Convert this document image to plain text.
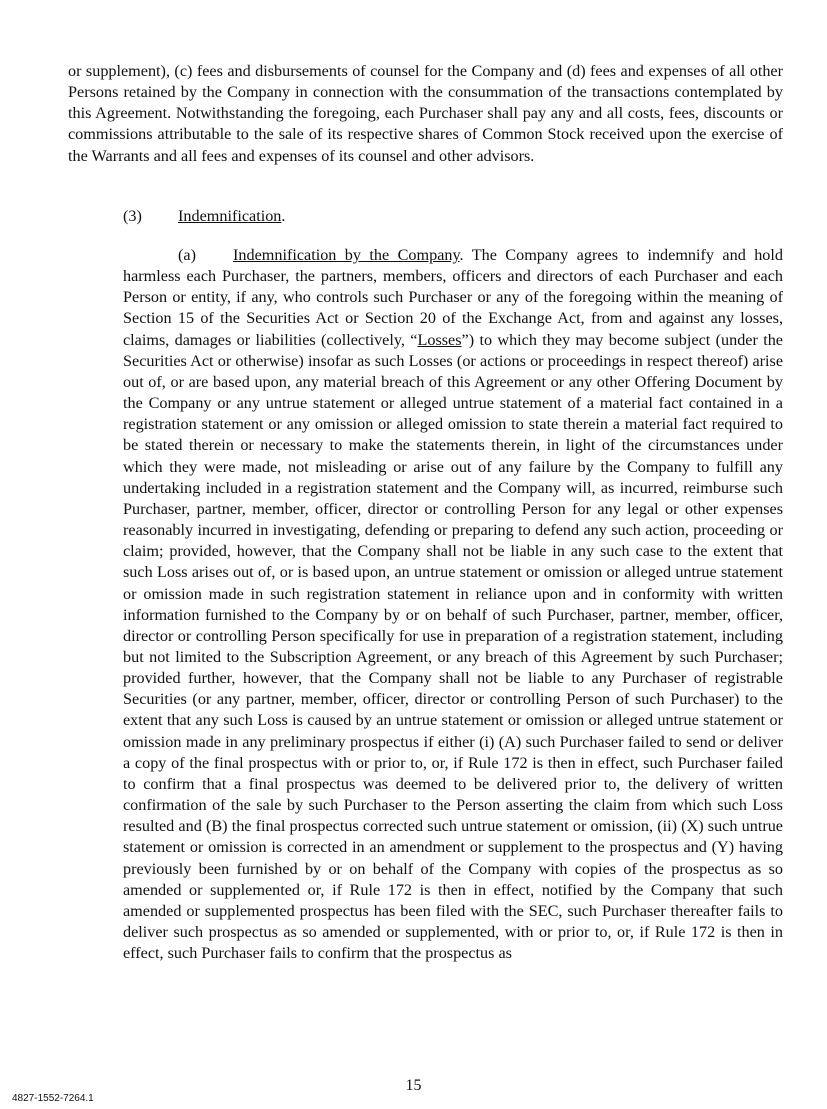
or supplement), (c) fees and disbursements of counsel for the Company and (d) fees and expenses of all other Persons retained by the Company in connection with the consummation of the transactions contemplated by this Agreement. Notwithstanding the foregoing, each Purchaser shall pay any and all costs, fees, discounts or commissions attributable to the sale of its respective shares of Common Stock received upon the exercise of the Warrants and all fees and expenses of its counsel and other advisors.

(3) Indemnification.

(a) Indemnification by the Company. The Company agrees to indemnify and hold harmless each Purchaser, the partners, members, officers and directors of each Purchaser and each Person or entity, if any, who controls such Purchaser or any of the foregoing within the meaning of Section 15 of the Securities Act or Section 20 of the Exchange Act, from and against any losses, claims, damages or liabilities (collectively, “Losses”) to which they may become subject (under the Securities Act or otherwise) insofar as such Losses (or actions or proceedings in respect thereof) arise out of, or are based upon, any material breach of this Agreement or any other Offering Document by the Company or any untrue statement or alleged untrue statement of a material fact contained in a registration statement or any omission or alleged omission to state therein a material fact required to be stated therein or necessary to make the statements therein, in light of the circumstances under which they were made, not misleading or arise out of any failure by the Company to fulfill any undertaking included in a registration statement and the Company will, as incurred, reimburse such Purchaser, partner, member, officer, director or controlling Person for any legal or other expenses reasonably incurred in investigating, defending or preparing to defend any such action, proceeding or claim; provided, however, that the Company shall not be liable in any such case to the extent that such Loss arises out of, or is based upon, an untrue statement or omission or alleged untrue statement or omission made in such registration statement in reliance upon and in conformity with written information furnished to the Company by or on behalf of such Purchaser, partner, member, officer, director or controlling Person specifically for use in preparation of a registration statement, including but not limited to the Subscription Agreement, or any breach of this Agreement by such Purchaser; provided further, however, that the Company shall not be liable to any Purchaser of registrable Securities (or any partner, member, officer, director or controlling Person of such Purchaser) to the extent that any such Loss is caused by an untrue statement or omission or alleged untrue statement or omission made in any preliminary prospectus if either (i) (A) such Purchaser failed to send or deliver a copy of the final prospectus with or prior to, or, if Rule 172 is then in effect, such Purchaser failed to confirm that a final prospectus was deemed to be delivered prior to, the delivery of written confirmation of the sale by such Purchaser to the Person asserting the claim from which such Loss resulted and (B) the final prospectus corrected such untrue statement or omission, (ii) (X) such untrue statement or omission is corrected in an amendment or supplement to the prospectus and (Y) having previously been furnished by or on behalf of the Company with copies of the prospectus as so amended or supplemented or, if Rule 172 is then in effect, notified by the Company that such amended or supplemented prospectus has been filed with the SEC, such Purchaser thereafter fails to deliver such prospectus as so amended or supplemented, with or prior to, or, if Rule 172 is then in effect, such Purchaser fails to confirm that the prospectus as

15
4827-1552-7264.1
